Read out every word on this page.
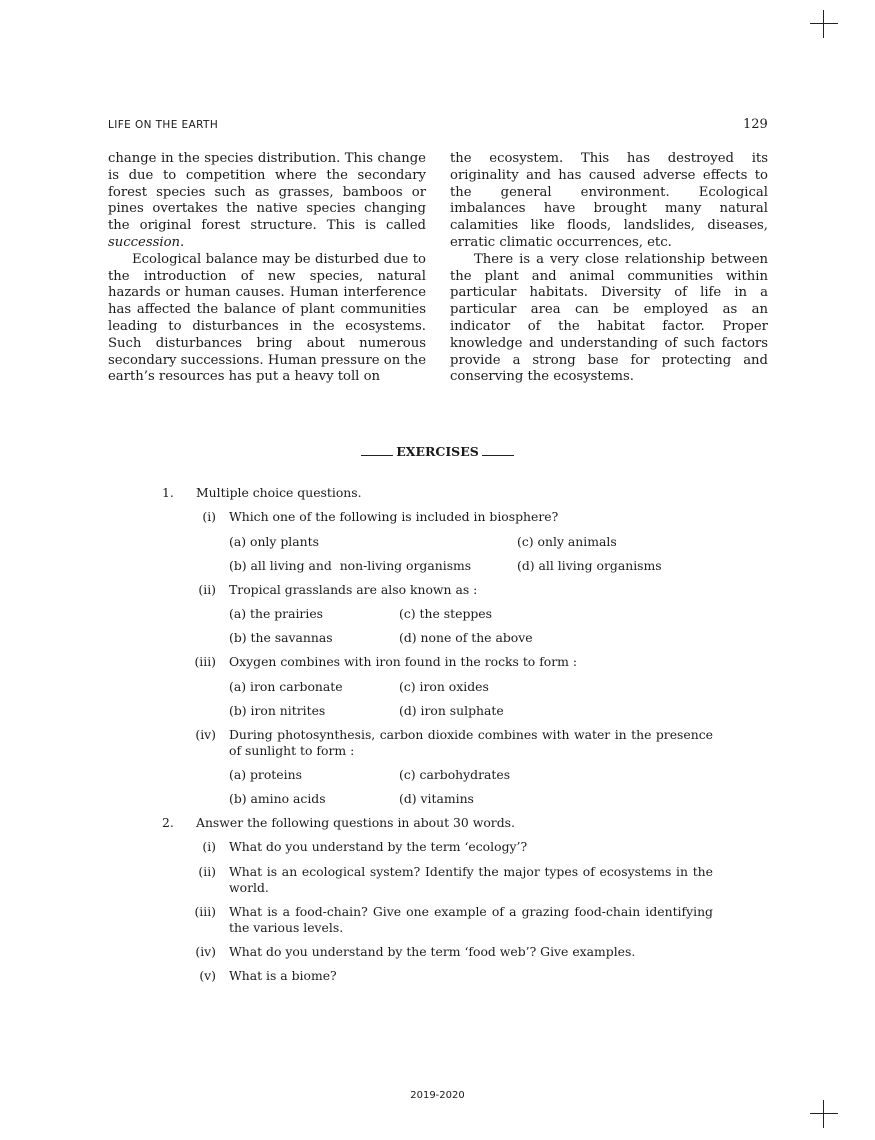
LIFE ON THE EARTH	129

change in the species distribution. This change is due to competition where the secondary forest species such as grasses, bamboos or pines overtakes the native species changing the original forest structure. This is called succession.

Ecological balance may be disturbed due to the introduction of new species, natural hazards or human causes. Human interference has affected the balance of plant communities leading to disturbances in the ecosystems. Such disturbances bring about numerous secondary successions. Human pressure on the earth’s resources has put a heavy toll on

the ecosystem. This has destroyed its originality and has caused adverse effects to the general environment. Ecological imbalances have brought many natural calamities like floods, landslides, diseases, erratic climatic occurrences, etc.

There is a very close relationship between the plant and animal communities within particular habitats. Diversity of life in a particular area can be employed as an indicator of the habitat factor. Proper knowledge and understanding of such factors provide a strong base for protecting and conserving the ecosystems.

EXERCISES
1. Multiple choice questions.
(i) Which one of the following is included in biosphere?
(a) only plants	(c) only animals
(b) all living and  non-living organisms	(d) all living organisms
(ii) Tropical grasslands are also known as :
(a) the prairies	(c) the steppes
(b) the savannas	(d) none of the above
(iii) Oxygen combines with iron found in the rocks to form :
(a) iron carbonate	(c) iron oxides
(b) iron nitrites	(d) iron sulphate
(iv) During photosynthesis, carbon dioxide combines with water in the presence of sunlight to form :
(a) proteins	(c) carbohydrates
(b) amino acids	(d) vitamins
2. Answer the following questions in about 30 words.
(i) What do you understand by the term ‘ecology’?
(ii) What is an ecological system? Identify the major types of ecosystems in the world.
(iii) What is a food-chain? Give one example of a grazing food-chain identifying the various levels.
(iv) What do you understand by the term ‘food web’? Give examples.
(v) What is a biome?
2019-2020
